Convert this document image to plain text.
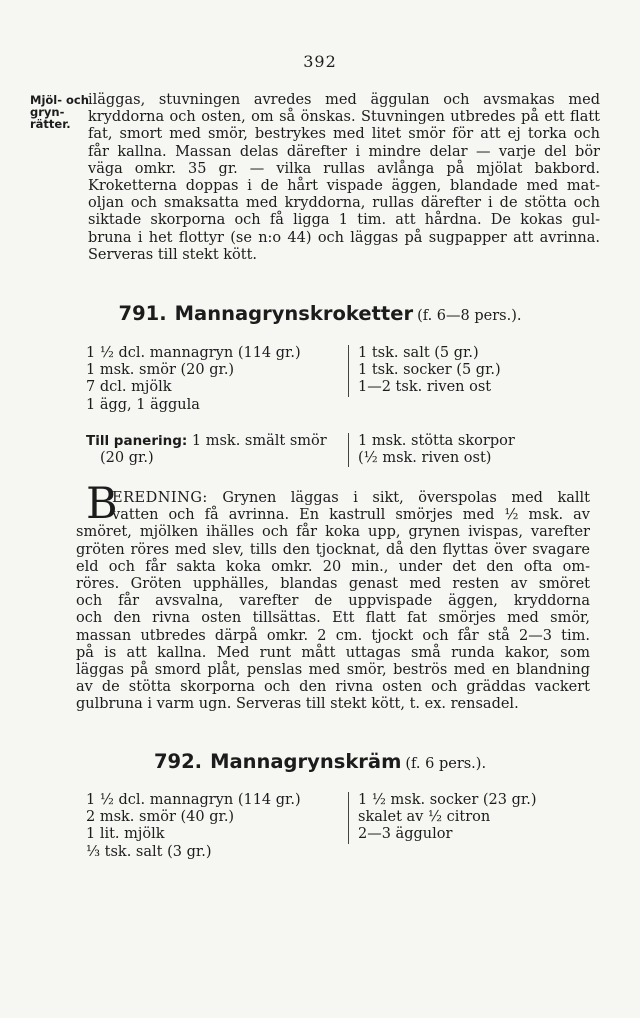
392
Mjöl- och
gryn-
rätter.
iläggas, stuvningen avredes med äggulan och avsmakas med
kryddorna och osten, om så önskas. Stuvningen utbredes på ett flatt
fat, smort med smör, bestrykes med litet smör för att ej torka och
får kallna. Massan delas därefter i mindre delar — varje del bör
väga omkr. 35 gr. — vilka rullas avlånga på mjölat bakbord.
Kroketterna doppas i de hårt vispade äggen, blandade med mat-
oljan och smaksatta med kryddorna, rullas därefter i de stötta och
siktade skorporna och få ligga 1 tim. att hårdna. De kokas gul-
bruna i het flottyr (se n:o 44) och läggas på sugpapper att avrinna.
Serveras till stekt kött.
791. Mannagrynskroketter (f. 6—8 pers.).
1 ½ dcl. mannagryn (114 gr.)
1 msk. smör (20 gr.)
7 dcl. mjölk
1 ägg, 1 äggula
1 tsk. salt (5 gr.)
1 tsk. socker (5 gr.)
1—2 tsk. riven ost
Till panering: 1 msk. smält smör
(20 gr.)
1 msk. stötta skorpor
(½ msk. riven ost)
B
EREDNING: Grynen läggas i sikt, överspolas med kallt
vatten och få avrinna. En kastrull smörjes med ½ msk. av
smöret, mjölken ihälles och får koka upp, grynen ivispas, varefter
gröten röres med slev, tills den tjocknat, då den flyttas över svagare
eld och får sakta koka omkr. 20 min., under det den ofta om-
röres. Gröten upphälles, blandas genast med resten av smöret
och får avsvalna, varefter de uppvispade äggen, kryddorna
och den rivna osten tillsättas. Ett flatt fat smörjes med smör,
massan utbredes därpå omkr. 2 cm. tjockt och får stå 2—3 tim.
på is att kallna. Med runt mått uttagas små runda kakor, som
läggas på smord plåt, penslas med smör, beströs med en blandning
av de stötta skorporna och den rivna osten och gräddas vackert
gulbruna i varm ugn. Serveras till stekt kött, t. ex. rensadel.
792. Mannagrynskräm (f. 6 pers.).
1 ½ dcl. mannagryn (114 gr.)
2 msk. smör (40 gr.)
1 lit. mjölk
⅓ tsk. salt (3 gr.)
1 ½ msk. socker (23 gr.)
skalet av ½ citron
2—3 äggulor
